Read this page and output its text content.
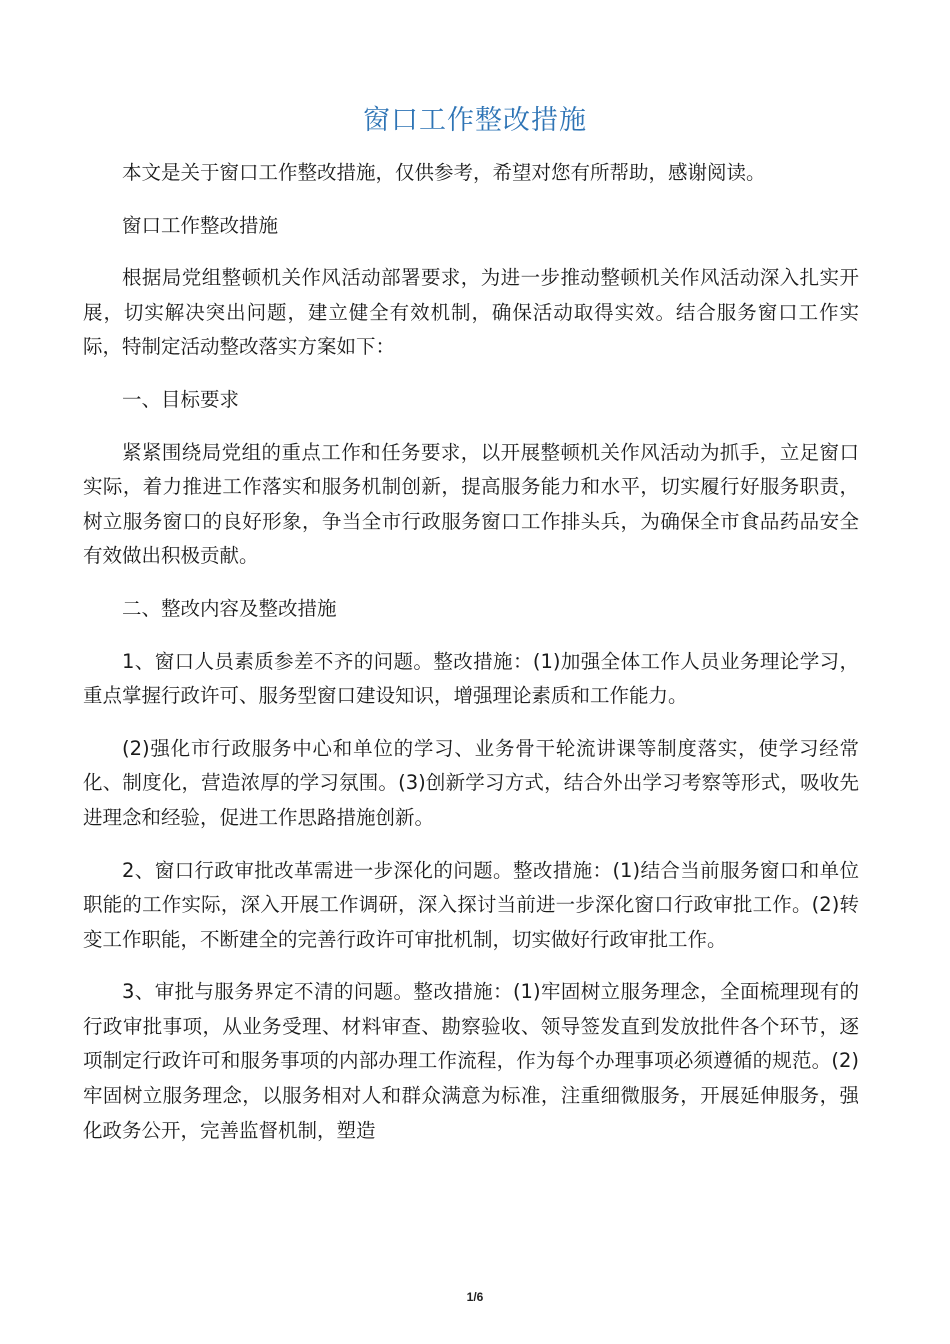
窗口工作整改措施

本文是关于窗口工作整改措施，仅供参考，希望对您有所帮助，感谢阅读。

窗口工作整改措施

根据局党组整顿机关作风活动部署要求，为进一步推动整顿机关作风活动深入扎实开展，切实解决突出问题，建立健全有效机制，确保活动取得实效。结合服务窗口工作实际，特制定活动整改落实方案如下：

一、目标要求

紧紧围绕局党组的重点工作和任务要求，以开展整顿机关作风活动为抓手，立足窗口实际，着力推进工作落实和服务机制创新，提高服务能力和水平，切实履行好服务职责，树立服务窗口的良好形象，争当全市行政服务窗口工作排头兵，为确保全市食品药品安全有效做出积极贡献。

二、整改内容及整改措施

1、窗口人员素质参差不齐的问题。整改措施：(1)加强全体工作人员业务理论学习，重点掌握行政许可、服务型窗口建设知识，增强理论素质和工作能力。

(2)强化市行政服务中心和单位的学习、业务骨干轮流讲课等制度落实，使学习经常化、制度化，营造浓厚的学习氛围。(3)创新学习方式，结合外出学习考察等形式，吸收先进理念和经验，促进工作思路措施创新。

2、窗口行政审批改革需进一步深化的问题。整改措施：(1)结合当前服务窗口和单位职能的工作实际，深入开展工作调研，深入探讨当前进一步深化窗口行政审批工作。(2)转变工作职能，不断建全的完善行政许可审批机制，切实做好行政审批工作。

3、审批与服务界定不清的问题。整改措施：(1)牢固树立服务理念，全面梳理现有的行政审批事项，从业务受理、材料审查、勘察验收、领导签发直到发放批件各个环节，逐项制定行政许可和服务事项的内部办理工作流程，作为每个办理事项必须遵循的规范。(2)牢固树立服务理念，以服务相对人和群众满意为标准，注重细微服务，开展延伸服务，强化政务公开，完善监督机制，塑造

1/6
